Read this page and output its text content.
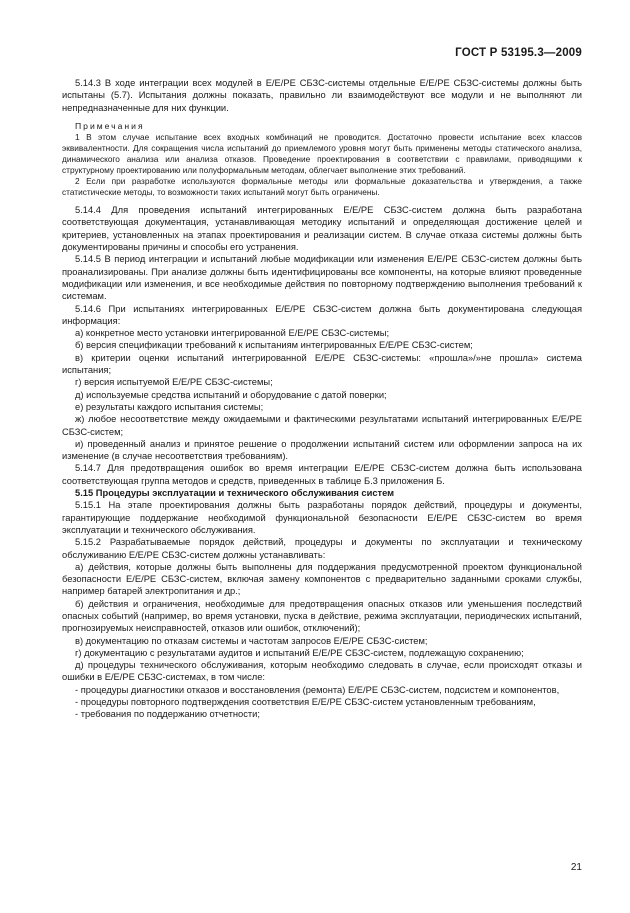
ГОСТ Р 53195.3—2009

5.14.3 В ходе интеграции всех модулей в Е/Е/РЕ СБЗС-системы отдельные Е/Е/РЕ СБЗС-системы должны быть испытаны (5.7). Испытания должны показать, правильно ли взаимодействуют все модули и не выполняют ли непредназначенные для них функции.

Примечания

1 В этом случае испытание всех входных комбинаций не проводится. Достаточно провести испытание всех классов эквивалентности. Для сокращения числа испытаний до приемлемого уровня могут быть применены методы статического анализа, динамического анализа или анализа отказов. Проведение проектирования в соответствии с правилами, приводящими к структурному проектированию или полуформальным методам, облегчает выполнение этих требований.

2 Если при разработке используются формальные методы или формальные доказательства и утверждения, а также статистические методы, то возможности таких испытаний могут быть ограничены.

5.14.4 Для проведения испытаний интегрированных Е/Е/РЕ СБЗС-систем должна быть разработана соответствующая документация, устанавливающая методику испытаний и определяющая достижение целей и критериев, установленных на этапах проектирования и реализации систем. В случае отказа системы должны быть документированы причины и способы его устранения.

5.14.5 В период интеграции и испытаний любые модификации или изменения Е/Е/РЕ СБЗС-систем должны быть проанализированы. При анализе должны быть идентифицированы все компоненты, на которые влияют проведенные модификации или изменения, и все необходимые действия по повторному подтверждению выполнения требований к системам.

5.14.6 При испытаниях интегрированных Е/Е/РЕ СБЗС-систем должна быть документирована следующая информация:

а) конкретное место установки интегрированной Е/Е/РЕ СБЗС-системы;

б) версия спецификации требований к испытаниям интегрированных Е/Е/РЕ СБЗС-систем;

в) критерии оценки испытаний интегрированной Е/Е/РЕ СБЗС-системы: «прошла»/»не прошла» система испытания;

г) версия испытуемой Е/Е/РЕ СБЗС-системы;

д) используемые средства испытаний и оборудование с датой поверки;

е) результаты каждого испытания системы;

ж) любое несоответствие между ожидаемыми и фактическими результатами испытаний интегрированных Е/Е/РЕ СБЗС-систем;

и) проведенный анализ и принятое решение о продолжении испытаний систем или оформлении запроса на их изменение (в случае несоответствия требованиям).

5.14.7 Для предотвращения ошибок во время интеграции Е/Е/РЕ СБЗС-систем должна быть использована соответствующая группа методов и средств, приведенных в таблице Б.3 приложения Б.

5.15 Процедуры эксплуатации и технического обслуживания систем

5.15.1 На этапе проектирования должны быть разработаны порядок действий, процедуры и документы, гарантирующие поддержание необходимой функциональной безопасности Е/Е/РЕ СБЗС-систем во время эксплуатации и технического обслуживания.

5.15.2 Разрабатываемые порядок действий, процедуры и документы по эксплуатации и техническому обслуживанию Е/Е/РЕ СБЗС-систем должны устанавливать:

а) действия, которые должны быть выполнены для поддержания предусмотренной проектом функциональной безопасности Е/Е/РЕ СБЗС-систем, включая замену компонентов с предварительно заданными сроками службы, например батарей электропитания и др.;

б) действия и ограничения, необходимые для предотвращения опасных отказов или уменьшения последствий опасных событий (например, во время установки, пуска в действие, режима эксплуатации, периодических испытаний, прогнозируемых неисправностей, отказов или ошибок, отключений);

в) документацию по отказам системы и частотам запросов Е/Е/РЕ СБЗС-систем;

г) документацию с результатами аудитов и испытаний Е/Е/РЕ СБЗС-систем, подлежащую сохранению;

д) процедуры технического обслуживания, которым необходимо следовать в случае, если происходят отказы и ошибки в Е/Е/РЕ СБЗС-системах, в том числе:

- процедуры диагностики отказов и восстановления (ремонта) Е/Е/РЕ СБЗС-систем, подсистем и компонентов,

- процедуры повторного подтверждения соответствия Е/Е/РЕ СБЗС-систем установленным требованиям,

- требования по поддержанию отчетности;

21
